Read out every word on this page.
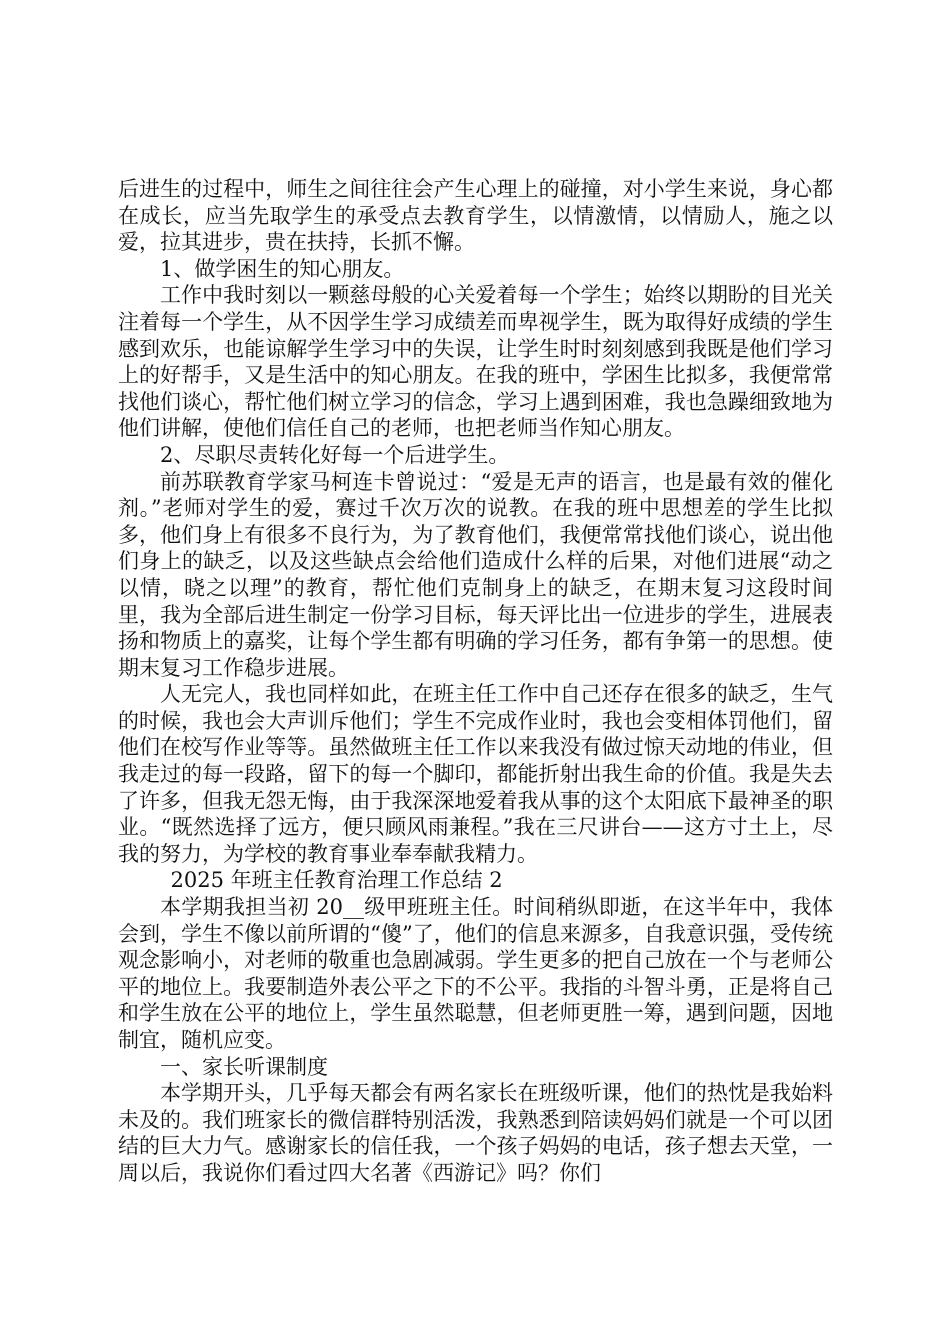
后进生的过程中，师生之间往往会产生心理上的碰撞，对小学生来说，身心都在成长，应当先取学生的承受点去教育学生，以情激情，以情励人，施之以爱，拉其进步，贵在扶持，长抓不懈。

1、做学困生的知心朋友。

工作中我时刻以一颗慈母般的心关爱着每一个学生；始终以期盼的目光关注着每一个学生，从不因学生学习成绩差而卑视学生，既为取得好成绩的学生感到欢乐，也能谅解学生学习中的失误，让学生时时刻刻感到我既是他们学习上的好帮手，又是生活中的知心朋友。在我的班中，学困生比拟多，我便常常找他们谈心，帮忙他们树立学习的信念，学习上遇到困难，我也急躁细致地为他们讲解，使他们信任自己的老师，也把老师当作知心朋友。

2、尽职尽责转化好每一个后进学生。

前苏联教育学家马柯连卡曾说过：“爱是无声的语言，也是最有效的催化剂。”老师对学生的爱，赛过千次万次的说教。在我的班中思想差的学生比拟多，他们身上有很多不良行为，为了教育他们，我便常常找他们谈心，说出他们身上的缺乏，以及这些缺点会给他们造成什么样的后果，对他们进展“动之以情，晓之以理”的教育，帮忙他们克制身上的缺乏，在期末复习这段时间里，我为全部后进生制定一份学习目标，每天评比出一位进步的学生，进展表扬和物质上的嘉奖，让每个学生都有明确的学习任务，都有争第一的思想。使期末复习工作稳步进展。

人无完人，我也同样如此，在班主任工作中自己还存在很多的缺乏，生气的时候，我也会大声训斥他们；学生不完成作业时，我也会变相体罚他们，留他们在校写作业等等。虽然做班主任工作以来我没有做过惊天动地的伟业，但我走过的每一段路，留下的每一个脚印，都能折射出我生命的价值。我是失去了许多，但我无怨无悔，由于我深深地爱着我从事的这个太阳底下最神圣的职业。“既然选择了远方，便只顾风雨兼程。”我在三尺讲台——这方寸土上，尽我的努力，为学校的教育事业奉奉献我精力。

2025 年班主任教育治理工作总结 2

本学期我担当初 20__级甲班班主任。时间稍纵即逝，在这半年中，我体会到，学生不像以前所谓的“傻”了，他们的信息来源多，自我意识强，受传统观念影响小，对老师的敬重也急剧减弱。学生更多的把自己放在一个与老师公平的地位上。我要制造外表公平之下的不公平。我指的斗智斗勇，正是将自己和学生放在公平的地位上，学生虽然聪慧，但老师更胜一筹，遇到问题，因地制宜，随机应变。

一、家长听课制度

本学期开头，几乎每天都会有两名家长在班级听课，他们的热忱是我始料未及的。我们班家长的微信群特别活泼，我熟悉到陪读妈妈们就是一个可以团结的巨大力气。感谢家长的信任我，一个孩子妈妈的电话，孩子想去天堂，一周以后，我说你们看过四大名著《西游记》吗？你们
